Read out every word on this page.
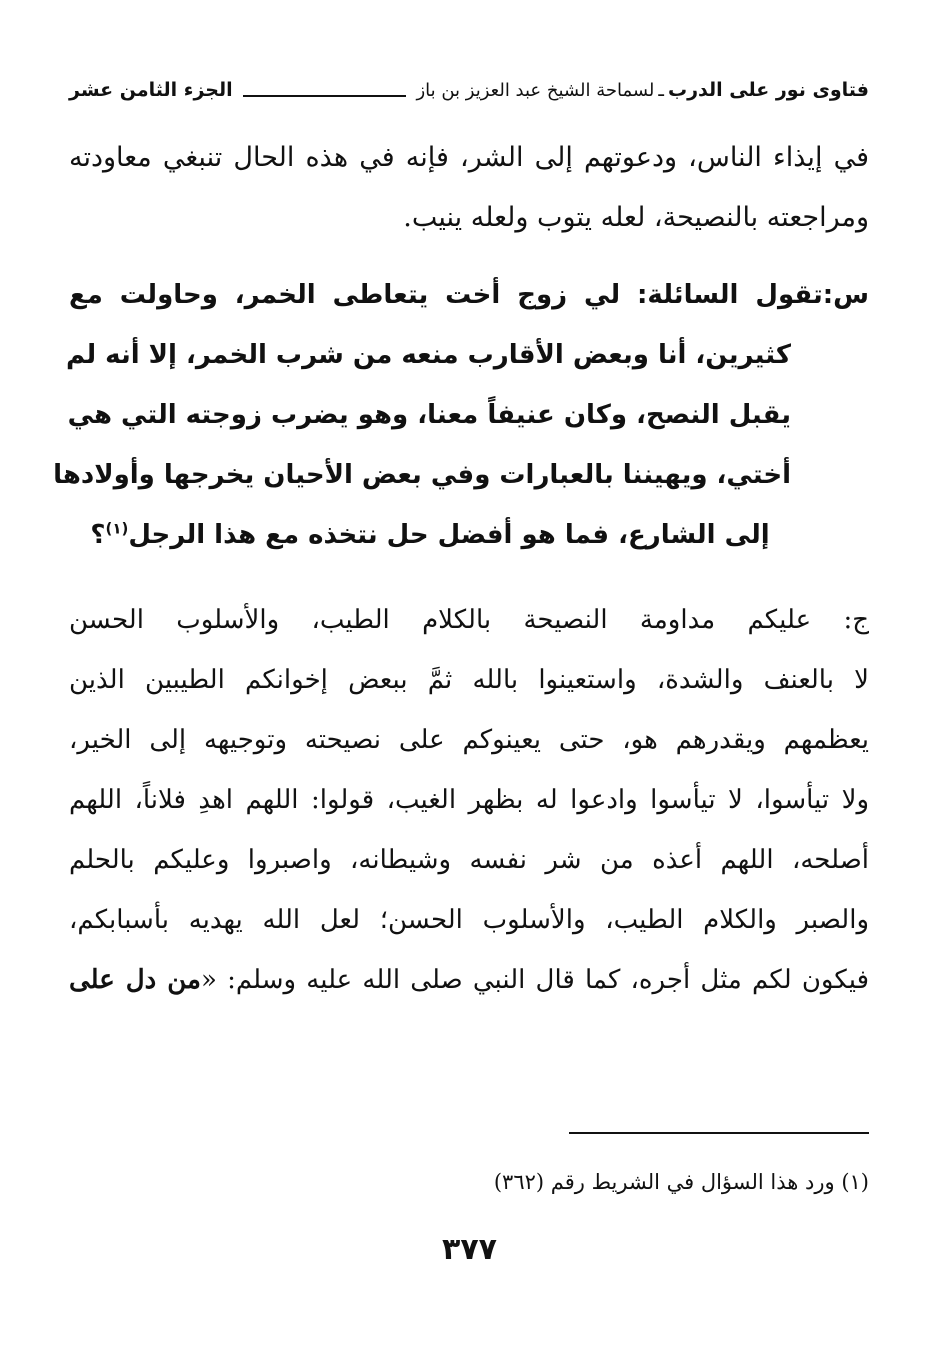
فتاوى نور على الدرب
ـ
لسماحة الشيخ عبد العزيز بن باز
الجزء الثامن عشر
في إيذاء الناس، ودعوتهم إلى الشر، فإنه في هذه الحال تنبغي معاودته
ومراجعته بالنصيحة، لعله يتوب ولعله ينيب.
س:تقول السائلة: لي زوج أخت يتعاطى الخمر، وحاولت مع
كثيرين، أنا وبعض الأقارب منعه من شرب الخمر، إلا أنه لم
يقبل النصح، وكان عنيفاً معنا، وهو يضرب زوجته التي هي
أختي، ويهيننا بالعبارات وفي بعض الأحيان يخرجها وأولادها
إلى الشارع، فما هو أفضل حل نتخذه مع هذا الرجل$^{(١)}$؟
ج: عليكم مداومة النصيحة بالكلام الطيب، والأسلوب الحسن
لا بالعنف والشدة، واستعينوا بالله ثمَّ ببعض إخوانكم الطيبين الذين
يعظمهم ويقدرهم هو، حتى يعينوكم على نصيحته وتوجيهه إلى الخير،
ولا تيأسوا، لا تيأسوا وادعوا له بظهر الغيب، قولوا: اللهم اهدِ فلاناً، اللهم
أصلحه، اللهم أعذه من شر نفسه وشيطانه، واصبروا وعليكم بالحلم
والصبر والكلام الطيب، والأسلوب الحسن؛ لعل الله يهديه بأسبابكم،
فيكون لكم مثل أجره، كما قال النبي صلى الله عليه وسلم: «من دل على
(١) ورد هذا السؤال في الشريط رقم (٣٦٢)
٣٧٧
